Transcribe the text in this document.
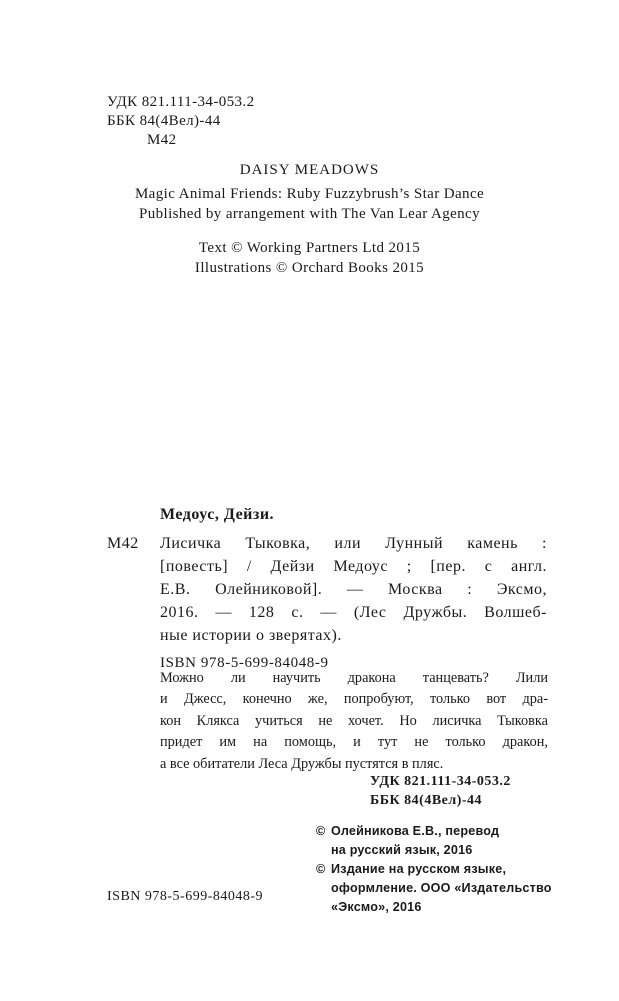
УДК 821.111-34-053.2
ББК 84(4Вел)-44
М42
DAISY MEADOWS
Magic Animal Friends: Ruby Fuzzybrush’s Star Dance
Published by arrangement with The Van Lear Agency
Text © Working Partners Ltd 2015
Illustrations © Orchard Books 2015
Медоус, Дейзи.
М42	Лисичка Тыковка, или Лунный камень :
[повесть] / Дейзи Медоус ; [пер. с англ.
Е.В. Олейниковой]. — Москва : Эксмо,
2016. — 128 с. — (Лес Дружбы. Волшеб-
ные истории о зверятах).
ISBN 978-5-699-84048-9
Можно ли научить дракона танцевать? Лили
и Джесс, конечно же, попробуют, только вот дра-
кон Клякса учиться не хочет. Но лисичка Тыковка
придет им на помощь, и тут не только дракон,
а все обитатели Леса Дружбы пустятся в пляс.
УДК 821.111-34-053.2
ББК 84(4Вел)-44
© Олейникова Е.В., перевод
на русский язык, 2016
© Издание на русском языке,
оформление. ООО «Издательство
«Эксмо», 2016
ISBN 978-5-699-84048-9
